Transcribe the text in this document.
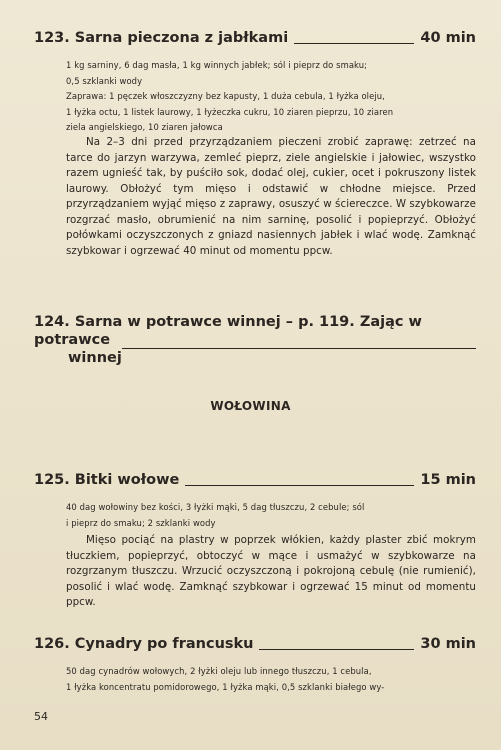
123. Sarna pieczona z jabłkami	40 min

1 kg sarniny, 6 dag masła, 1 kg winnych jabłek; sól i pieprz do smaku;

0,5 szklanki wody

Zaprawa: 1 pęczek włoszczyzny bez kapusty, 1 duża cebula, 1 łyżka oleju,

1 łyżka octu, 1 listek laurowy, 1 łyżeczka cukru, 10 ziaren pieprzu, 10 ziaren

ziela angielskiego, 10 ziaren jałowca

Na 2–3 dni przed przyrządzaniem pieczeni zrobić zaprawę: zetrzeć na tarce do jarzyn warzywa, zemleć pieprz, ziele angielskie i jałowiec, wszystko razem ugnieść tak, by puściło sok, dodać olej, cukier, ocet i pokruszony listek laurowy. Obłożyć tym mięso i odstawić w chłodne miejsce. Przed przyrządzaniem wyjąć mięso z zaprawy, osuszyć w ściereczce. W szybkowarze rozgrzać masło, obrumienić na nim sarninę, posolić i popieprzyć. Obłożyć połówkami oczyszczonych z gniazd nasiennych jabłek i wlać wodę. Zamknąć szybkowar i ogrzewać 40 minut od momentu ppcw.

124. Sarna w potrawce winnej – p. 119. Zając w potrawce
winnej
WOŁOWINA
125. Bitki wołowe	15 min

40 dag wołowiny bez kości, 3 łyżki mąki, 5 dag tłuszczu, 2 cebule; sól

i pieprz do smaku; 2 szklanki wody

Mięso pociąć na plastry w poprzek włókien, każdy plaster zbić mokrym tłuczkiem, popieprzyć, obtoczyć w mące i usmażyć w szybkowarze na rozgrzanym tłuszczu. Wrzucić oczyszczoną i pokrojoną cebulę (nie rumienić), posolić i wlać wodę. Zamknąć szybkowar i ogrzewać 15 minut od momentu ppcw.

126. Cynadry po francusku	30 min

50 dag cynadrów wołowych, 2 łyżki oleju lub innego tłuszczu, 1 cebula,

1 łyżka koncentratu pomidorowego, 1 łyżka mąki, 0,5 szklanki białego wy-

54
